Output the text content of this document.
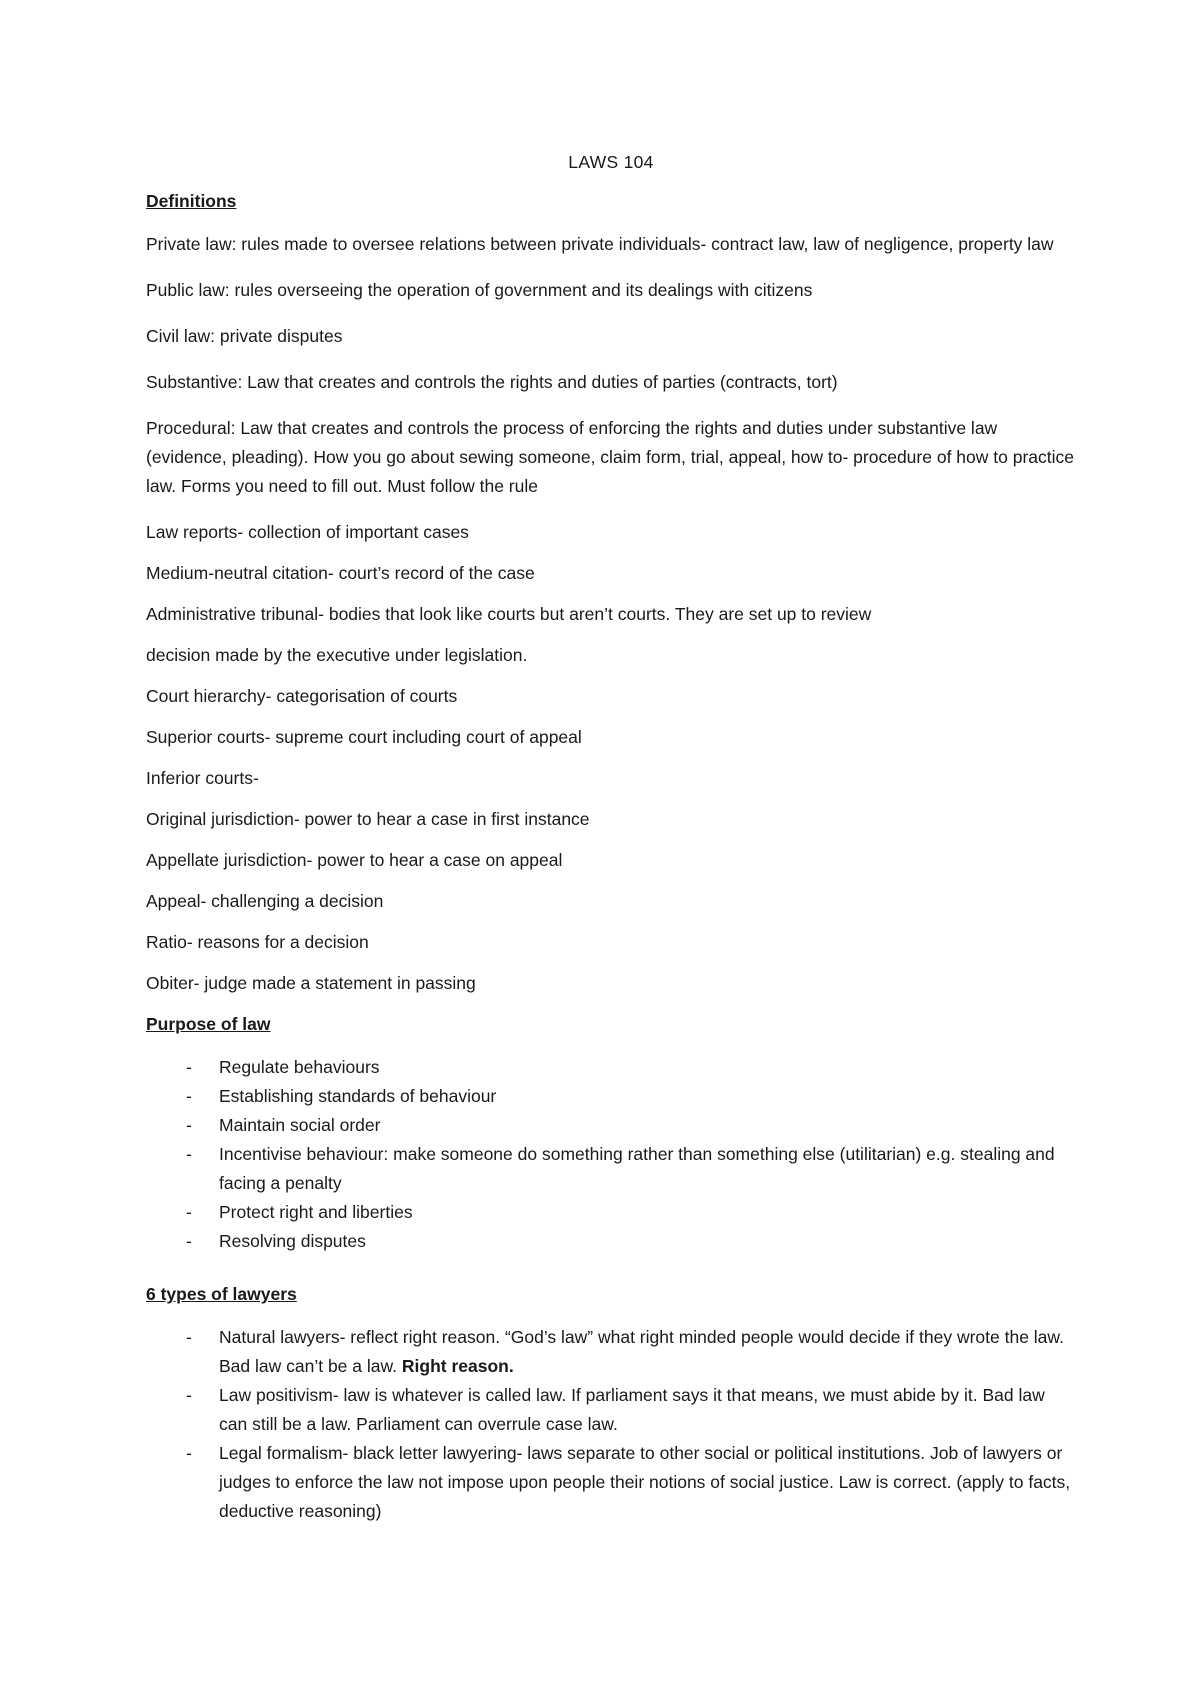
LAWS 104
Definitions

Private law: rules made to oversee relations between private individuals- contract law, law of negligence, property law

Public law: rules overseeing the operation of government and its dealings with citizens

Civil law: private disputes

Substantive: Law that creates and controls the rights and duties of parties (contracts, tort)

Procedural: Law that creates and controls the process of enforcing the rights and duties under substantive law (evidence, pleading). How you go about sewing someone, claim form, trial, appeal, how to- procedure of how to practice law. Forms you need to fill out. Must follow the rule

Law reports- collection of important cases

Medium-neutral citation- court’s record of the case

Administrative tribunal- bodies that look like courts but aren’t courts. They are set up to review

decision made by the executive under legislation.

Court hierarchy- categorisation of courts

Superior courts- supreme court including court of appeal

Inferior courts-

Original jurisdiction- power to hear a case in first instance

Appellate jurisdiction- power to hear a case on appeal

Appeal- challenging a decision

Ratio- reasons for a decision

Obiter- judge made a statement in passing

Purpose of law
- Regulate behaviours
- Establishing standards of behaviour
- Maintain social order
- Incentivise behaviour: make someone do something rather than something else (utilitarian) e.g. stealing and facing a penalty
- Protect right and liberties
- Resolving disputes
6 types of lawyers
- Natural lawyers- reflect right reason. “God’s law” what right minded people would decide if they wrote the law. Bad law can’t be a law. Right reason.
- Law positivism- law is whatever is called law. If parliament says it that means, we must abide by it. Bad law can still be a law. Parliament can overrule case law.
- Legal formalism- black letter lawyering- laws separate to other social or political institutions. Job of lawyers or judges to enforce the law not impose upon people their notions of social justice. Law is correct. (apply to facts, deductive reasoning)
